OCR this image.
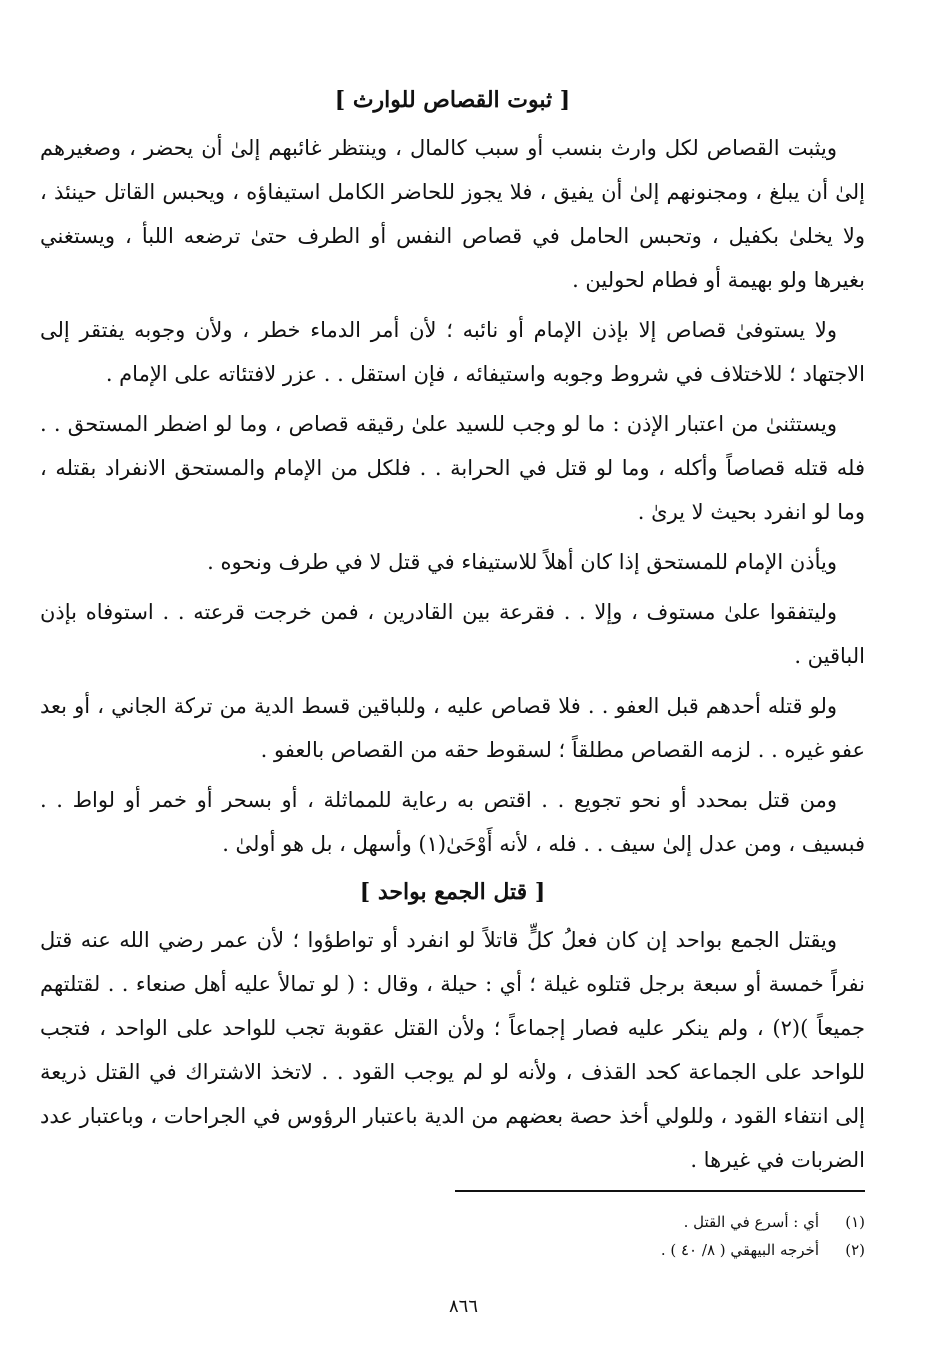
[ ثبوت القصاص للوارث ]

ويثبت القصاص لكل وارث بنسب أو سبب كالمال ، وينتظر غائبهم إلىٰ أن يحضر ، وصغيرهم إلىٰ أن يبلغ ، ومجنونهم إلىٰ أن يفيق ، فلا يجوز للحاضر الكامل استيفاؤه ، ويحبس القاتل حينئذ ، ولا يخلىٰ بكفيل ، وتحبس الحامل في قصاص النفس أو الطرف حتىٰ ترضعه اللبأ ، ويستغني بغيرها ولو بهيمة أو فطام لحولين .

ولا يستوفىٰ قصاص إلا بإذن الإمام أو نائبه ؛ لأن أمر الدماء خطر ، ولأن وجوبه يفتقر إلى الاجتهاد ؛ للاختلاف في شروط وجوبه واستيفائه ، فإن استقل . . عزر لافتئاته على الإمام .

ويستثنىٰ من اعتبار الإذن : ما لو وجب للسيد علىٰ رقيقه قصاص ، وما لو اضطر المستحق . . فله قتله قصاصاً وأكله ، وما لو قتل في الحرابة . . فلكل من الإمام والمستحق الانفراد بقتله ، وما لو انفرد بحيث لا يرىٰ .

ويأذن الإمام للمستحق إذا كان أهلاً للاستيفاء في قتل لا في طرف ونحوه .

وليتفقوا علىٰ مستوف ، وإلا . . فقرعة بين القادرين ، فمن خرجت قرعته . . استوفاه بإذن الباقين .

ولو قتله أحدهم قبل العفو . . فلا قصاص عليه ، وللباقين قسط الدية من تركة الجاني ، أو بعد عفو غيره . . لزمه القصاص مطلقاً ؛ لسقوط حقه من القصاص بالعفو .

ومن قتل بمحدد أو نحو تجويع . . اقتص به رعاية للمماثلة ، أو بسحر أو خمر أو لواط . . فبسيف ، ومن عدل إلىٰ سيف . . فله ، لأنه أَوْحَىٰ(١) وأسهل ، بل هو أولىٰ .

[ قتل الجمع بواحد ]

ويقتل الجمع بواحد إن كان فعلُ كلٍّ قاتلاً لو انفرد أو تواطؤوا ؛ لأن عمر رضي الله عنه قتل نفراً خمسة أو سبعة برجل قتلوه غيلة ؛ أي : حيلة ، وقال : ( لو تمالأ عليه أهل صنعاء . . لقتلتهم جميعاً )(٢) ، ولم ينكر عليه فصار إجماعاً ؛ ولأن القتل عقوبة تجب للواحد على الواحد ، فتجب للواحد على الجماعة كحد القذف ، ولأنه لو لم يوجب القود . . لاتخذ الاشتراك في القتل ذريعة إلى انتفاء القود ، وللولي أخذ حصة بعضهم من الدية باعتبار الرؤوس في الجراحات ، وباعتبار عدد الضربات في غيرها .

(١)
أي : أسرع في القتل .
(٢)
أخرجه البيهقي ( ٨/ ٤٠ ) .
٨٦٦
